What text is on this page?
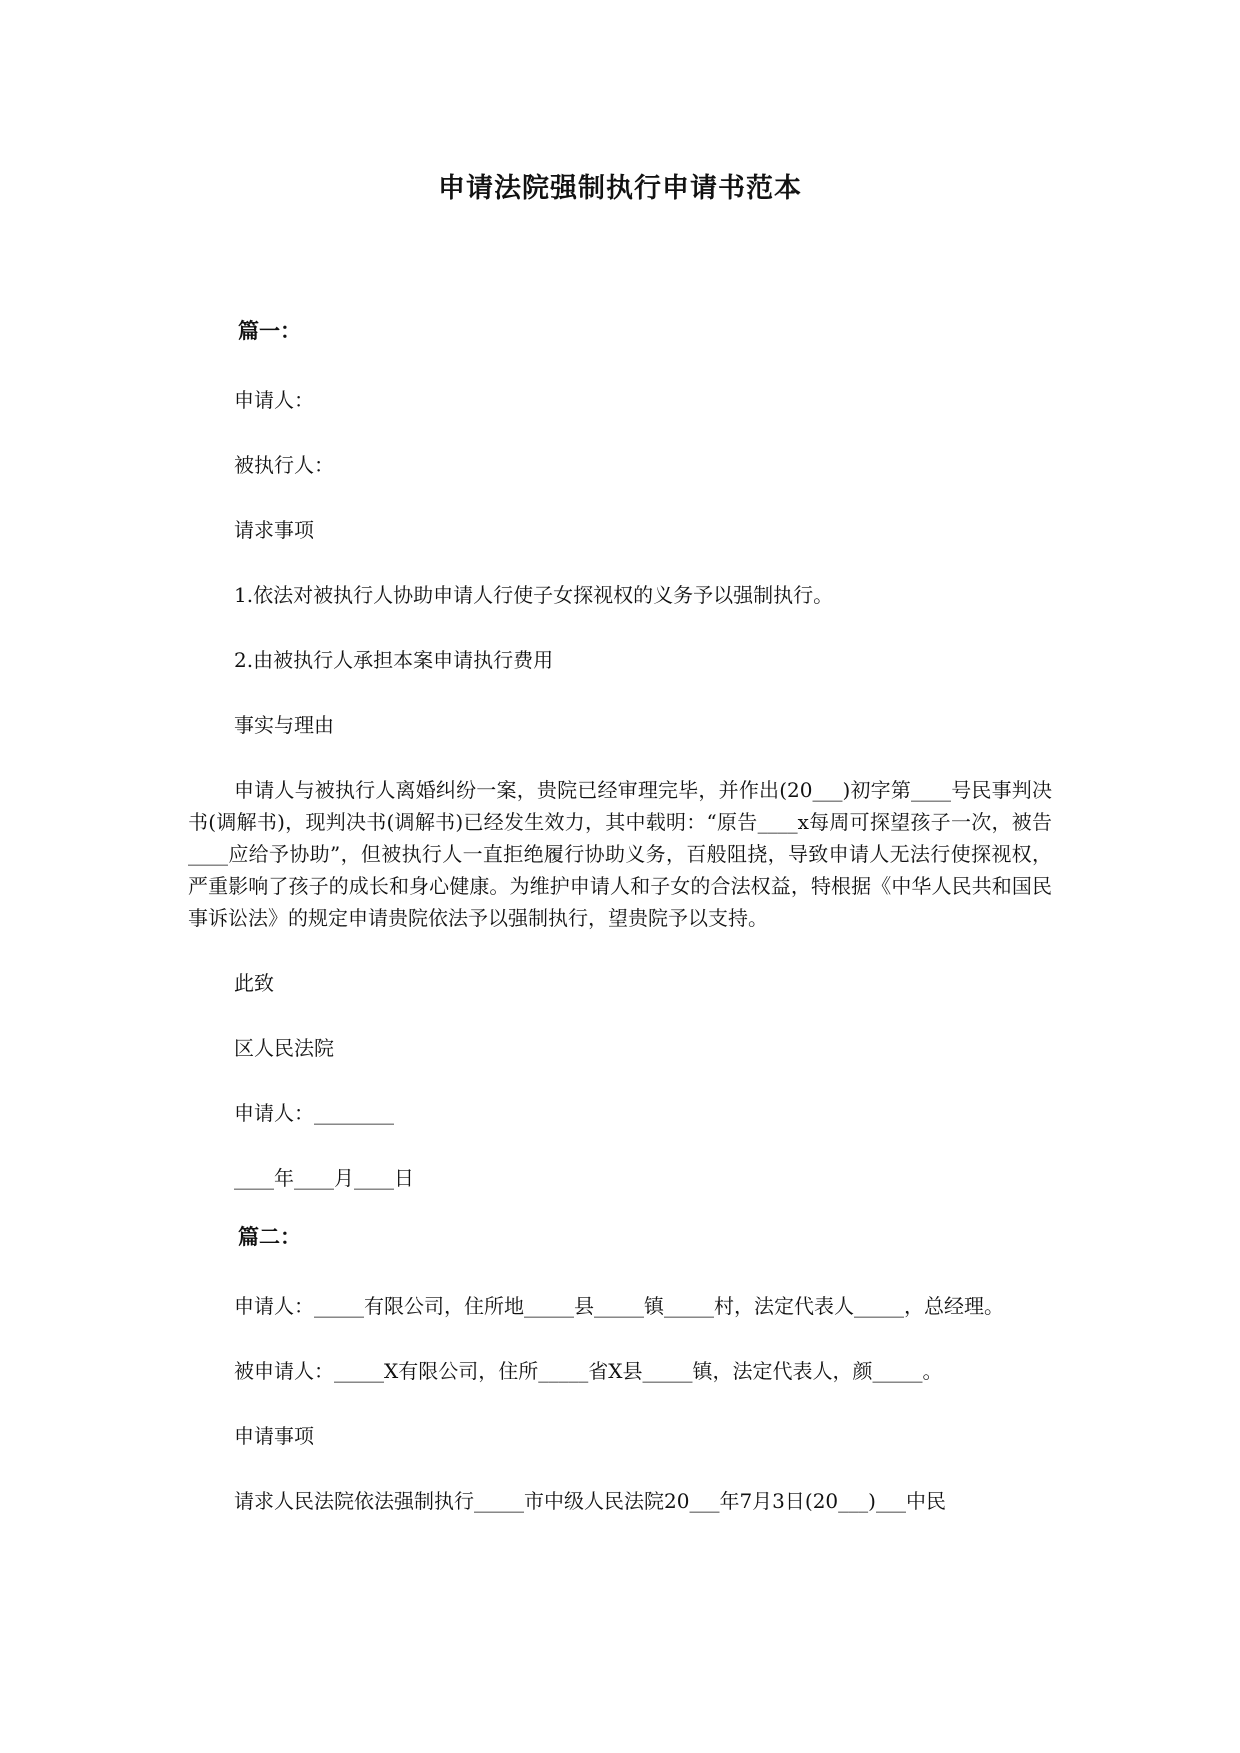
申请法院强制执行申请书范本
篇一：

申请人：

被执行人：

请求事项

1.依法对被执行人协助申请人行使子女探视权的义务予以强制执行。

2.由被执行人承担本案申请执行费用

事实与理由

申请人与被执行人离婚纠纷一案，贵院已经审理完毕，并作出(20___)初字第____号民事判决书(调解书)，现判决书(调解书)已经发生效力，其中载明：“原告____x每周可探望孩子一次，被告____应给予协助”，但被执行人一直拒绝履行协助义务，百般阻挠，导致申请人无法行使探视权，严重影响了孩子的成长和身心健康。为维护申请人和子女的合法权益，特根据《中华人民共和国民事诉讼法》的规定申请贵院依法予以强制执行，望贵院予以支持。

此致

区人民法院

申请人：________

____年____月____日

篇二：

申请人：_____有限公司，住所地_____县_____镇_____村，法定代表人_____，总经理。

被申请人：_____X有限公司，住所_____省X县_____镇，法定代表人，颜_____。

申请事项

请求人民法院依法强制执行_____市中级人民法院20___年7月3日(20___)___中民
